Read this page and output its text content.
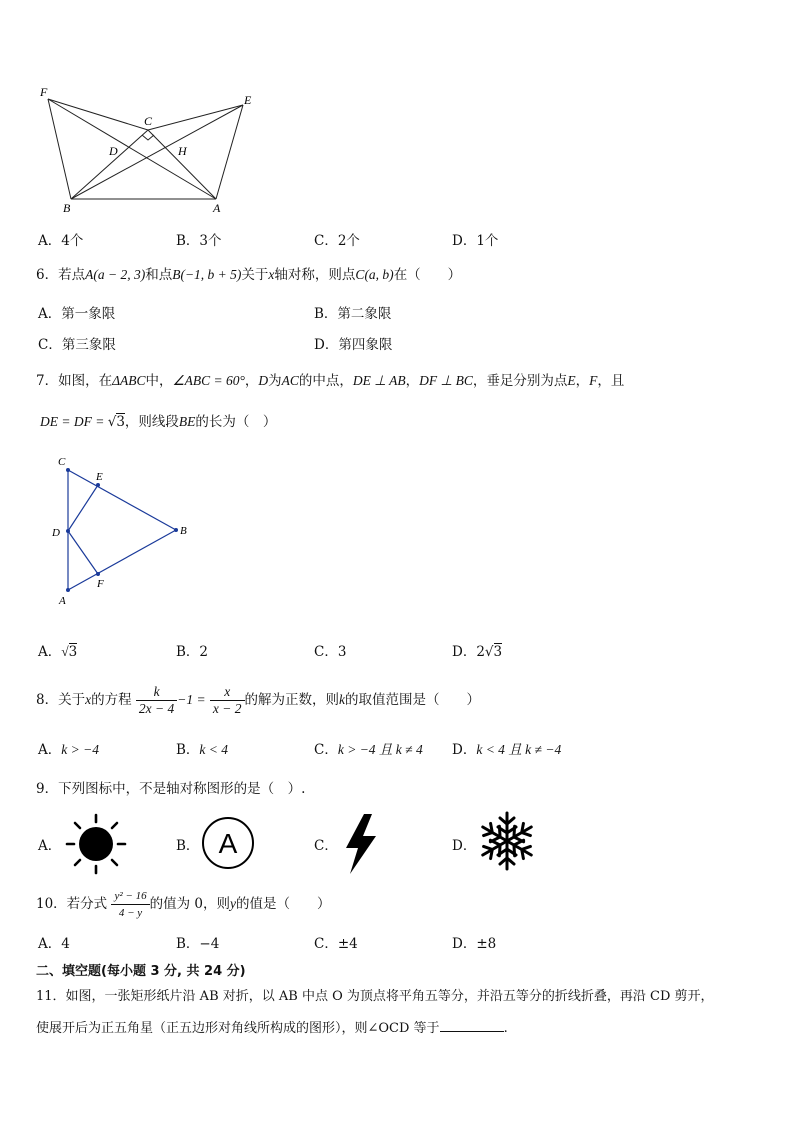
F
E
C
D	H
B	A
A．4个	B．3个	C．2个	D．1个
6．若点A(a − 2, 3)和点B(−1, b + 5)关于x轴对称，则点C(a, b)在（　　）
A．第一象限	B．第二象限
C．第三象限	D．第四象限
7．如图，在ΔABC中，∠ABC = 60°，D为AC的中点，DE ⊥ AB，DF ⊥ BC，垂足分别为点E，F，且
DE = DF = √3，则线段BE的长为（　）
C
E
D	B
A
F
A．√3	B．2	C．3	D．2√3
8．关于x的方程 $\frac{k}{2x - 4} -1 = \frac{x}{x - 2}$ 的解为正数，则k的取值范围是（　　）
A．k > −4	B．k < 4	C．k > −4 且 k ≠ 4 D．k < 4 且 k ≠ −4
9．下列图标中，不是轴对称图形的是（　）.
A．	B． A	C．	D．
10．若分式 $\frac{\text{y² − 16}}{4 - y}$ 的值为 0，则y的值是（　　）
A．4	B．−4	C．±4	D．±8
二、填空题(每小题 3 分, 共 24 分)
11．如图，一张矩形纸片沿 AB 对折，以 AB 中点 O 为顶点将平角五等分，并沿五等分的折线折叠，再沿 CD 剪开，
使展开后为正五角星（正五边形对角线所构成的图形），则∠OCD 等于	.
